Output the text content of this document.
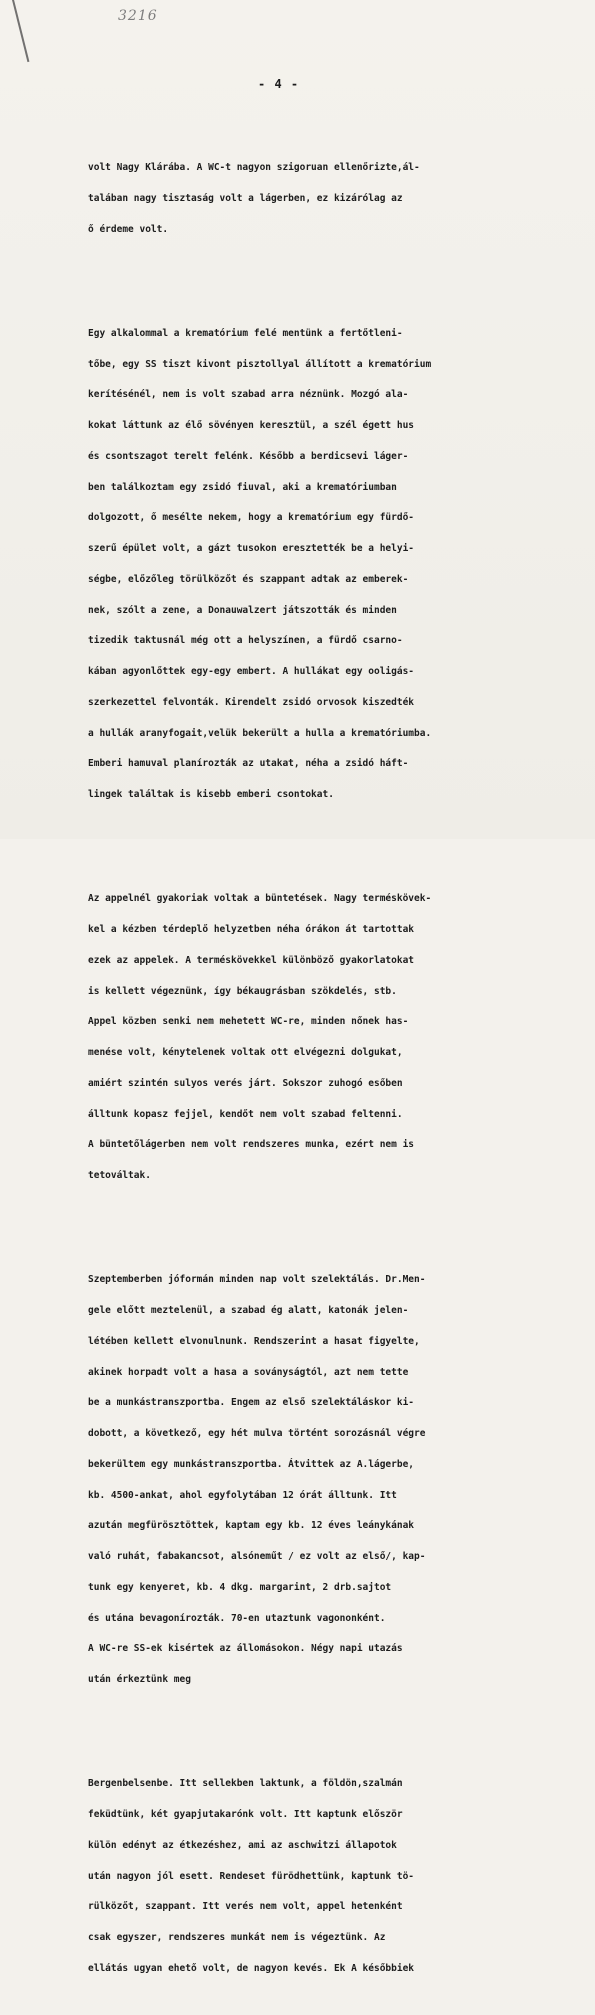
3216
- 4 -

volt Nagy Klárába. A WC-t nagyon szigoruan ellenőrizte,ál-

talában nagy tisztaság volt a lágerben, ez kizárólag az

ő érdeme volt.

Egy alkalommal a krematórium felé mentünk a fertőtleni-

tőbe, egy SS tiszt kivont pisztollyal állított a krematórium

kerítésénél, nem is volt szabad arra néznünk. Mozgó ala-

kokat láttunk az élő sövényen keresztül, a szél égett hus

és csontszagot terelt felénk. Később a berdicsevi láger-

ben találkoztam egy zsidó fiuval, aki a krematóriumban

dolgozott, ő mesélte nekem, hogy a krematórium egy fürdő-

szerű épület volt, a gázt tusokon eresztették be a helyi-

ségbe, előzőleg törülközőt és szappant adtak az emberek-

nek, szólt a zene, a Donauwalzert játszották és minden

tizedik taktusnál még ott a helyszínen, a fürdő csarno-

kában agyonlőttek egy-egy embert. A hullákat egy ooligás-

szerkezettel felvonták. Kirendelt zsidó orvosok kiszedték

a hullák aranyfogait,velük bekerült a hulla a krematóriumba.

Emberi hamuval planírozták az utakat, néha a zsidó háft-

lingek találtak is kisebb emberi csontokat.

Az appelnél gyakoriak voltak a büntetések. Nagy terméskövek-

kel a kézben térdeplő helyzetben néha órákon át tartottak

ezek az appelek. A terméskövekkel különböző gyakorlatokat

is kellett végeznünk, így békaugrásban szökdelés, stb.

Appel közben senki nem mehetett WC-re, minden nőnek has-

menése volt, kénytelenek voltak ott elvégezni dolgukat,

amiért szintén sulyos verés járt. Sokszor zuhogó esőben

álltunk kopasz fejjel, kendőt nem volt szabad feltenni.

A büntetőlágerben nem volt rendszeres munka, ezért nem is

tetováltak.

Szeptemberben jóformán minden nap volt szelektálás. Dr.Men-

gele előtt meztelenül, a szabad ég alatt, katonák jelen-

létében kellett elvonulnunk. Rendszerint a hasat figyelte,

akinek horpadt volt a hasa a soványságtól, azt nem tette

be a munkástranszportba. Engem az első szelektáláskor ki-

dobott, a következő, egy hét mulva történt sorozásnál végre

bekerültem egy munkástranszportba. Átvittek az A.lágerbe,

kb. 4500-ankat, ahol egyfolytában 12 órát álltunk. Itt

azután megfürösztöttek, kaptam egy kb. 12 éves leánykának

való ruhát, fabakancsot, alsóneműt / ez volt az első/, kap-

tunk egy kenyeret, kb. 4 dkg. margarint, 2 drb.sajtot

és utána bevagonírozták. 70-en utaztunk vagononként.

A WC-re SS-ek kisértek az állomásokon. Négy napi utazás

után érkeztünk meg

Bergenbelsenbe. Itt sellekben laktunk, a földön,szalmán

feküdtünk, két gyapjutakarónk volt. Itt kaptunk először

külön edényt az étkezéshez, ami az aschwitzi állapotok

után nagyon jól esett. Rendeset fürödhettünk, kaptunk tö-

rülközőt, szappant. Itt verés nem volt, appel hetenként

csak egyszer, rendszeres munkát nem is végeztünk. Az

ellátás ugyan ehető volt, de nagyon kevés. Ek A későbbiek
